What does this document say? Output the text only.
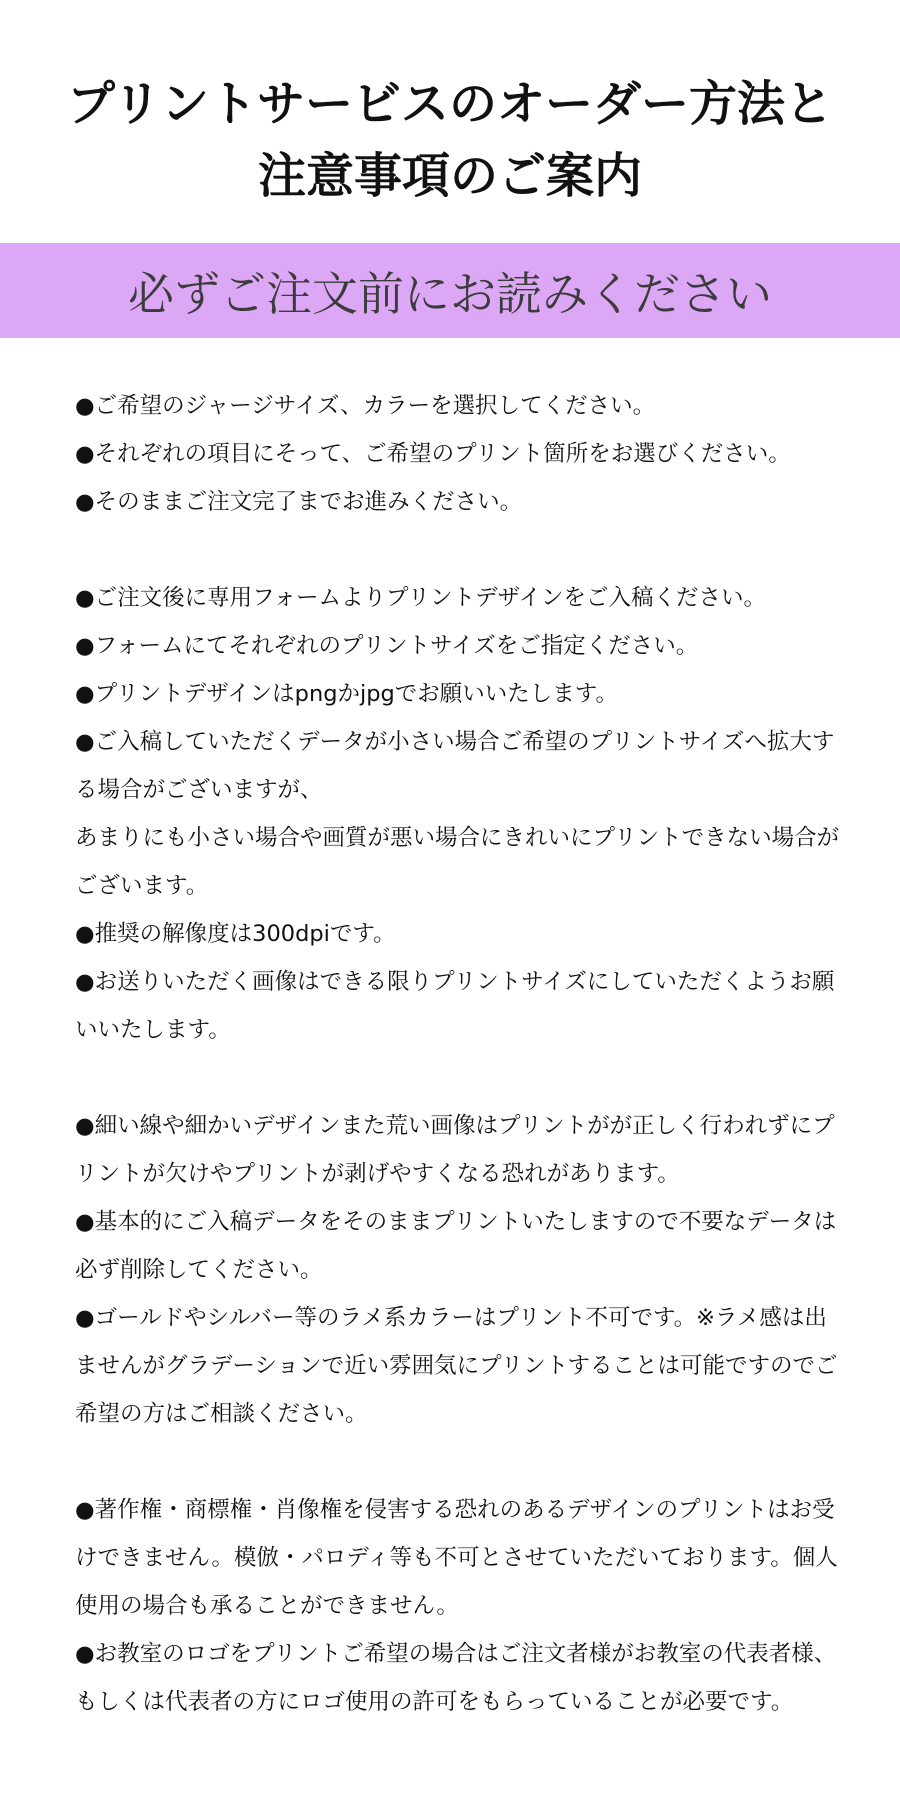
プリントサービスのオーダー方法と
注意事項のご案内
必ずご注文前にお読みください

●ご希望のジャージサイズ、カラーを選択してください。

●それぞれの項目にそって、ご希望のプリント箇所をお選びください。

●そのままご注文完了までお進みください。

●ご注文後に専用フォームよりプリントデザインをご入稿ください。

●フォームにてそれぞれのプリントサイズをご指定ください。

●プリントデザインはpngかjpgでお願いいたします。

●ご入稿していただくデータが小さい場合ご希望のプリントサイズへ拡大する場合がございますが、

あまりにも小さい場合や画質が悪い場合にきれいにプリントできない場合がございます。

●推奨の解像度は300dpiです。

●お送りいただく画像はできる限りプリントサイズにしていただくようお願いいたします。

●細い線や細かいデザインまた荒い画像はプリントがが正しく行われずにプリントが欠けやプリントが剥げやすくなる恐れがあります。

●基本的にご入稿データをそのままプリントいたしますので不要なデータは必ず削除してください。

●ゴールドやシルバー等のラメ系カラーはプリント不可です。※ラメ感は出ませんがグラデーションで近い雰囲気にプリントすることは可能ですのでご希望の方はご相談ください。

●著作権・商標権・肖像権を侵害する恐れのあるデザインのプリントはお受けできません。模倣・パロディ等も不可とさせていただいております。個人使用の場合も承ることができません。

●お教室のロゴをプリントご希望の場合はご注文者様がお教室の代表者様、もしくは代表者の方にロゴ使用の許可をもらっていることが必要です。
